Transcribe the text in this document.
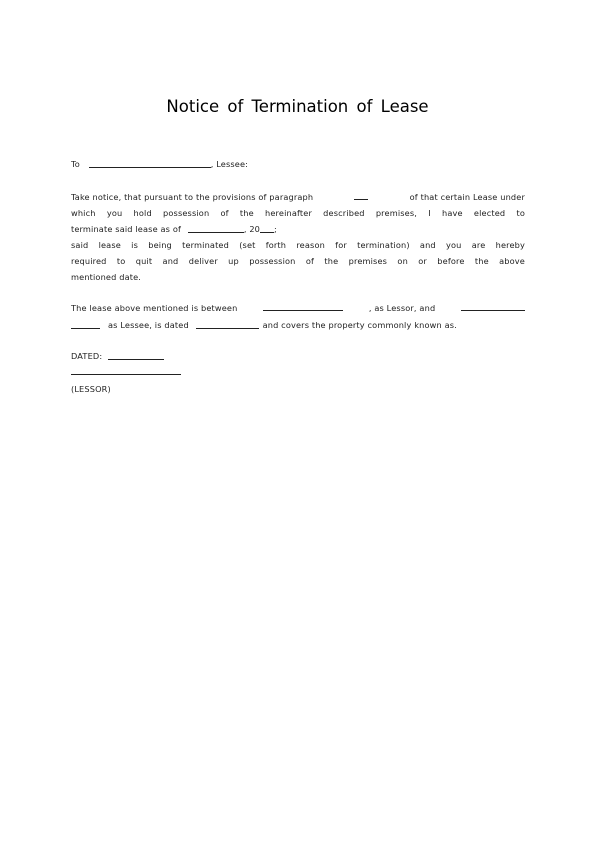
Notice of Termination of Lease
To	, Lessee:
Take notice, that pursuant to the provisions of paragraph	of that certain Lease under
which you hold possession of the hereinafter described premises, I have elected to
terminate said lease as of	, 20 ;
said lease is being terminated (set forth reason for termination) and you are hereby
required to quit and deliver up possession of the premises on or before the above
mentioned date.
The lease above mentioned is between	, as Lessor, and
as Lessee, is dated	and covers the property commonly known as.
DATED:
(LESSOR)
